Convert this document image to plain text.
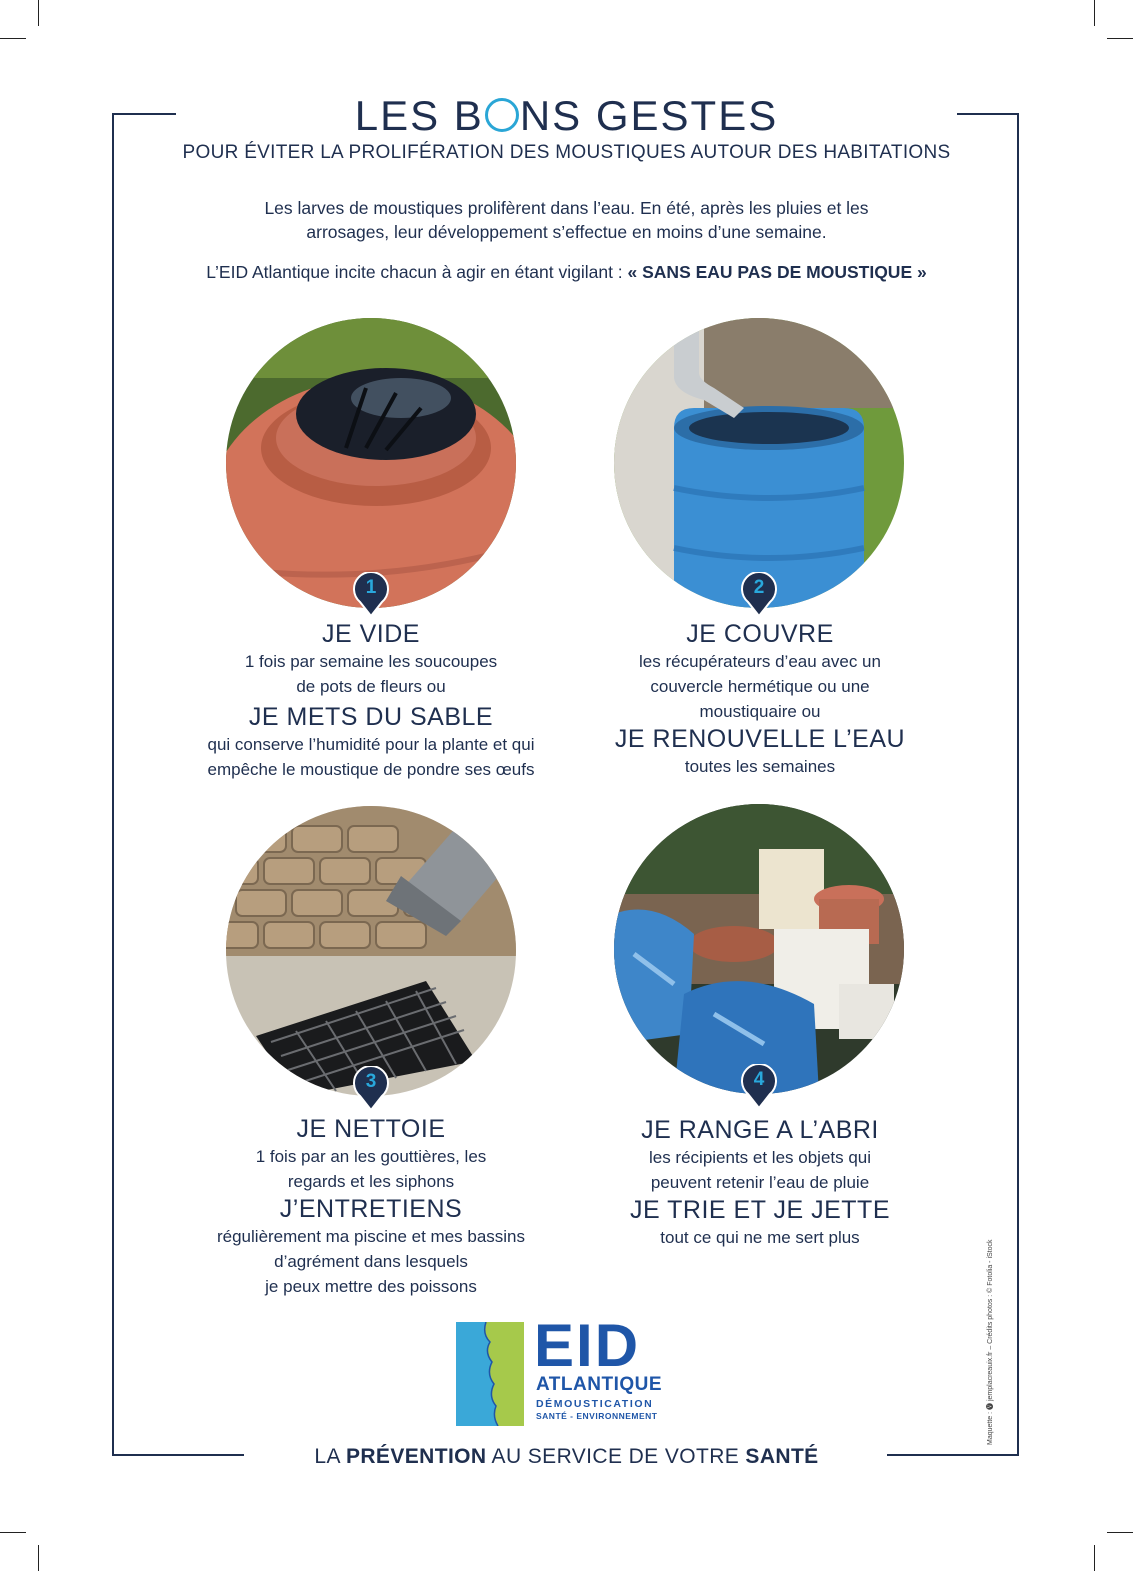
LES B NS GESTES
POUR ÉVITER LA PROLIFÉRATION DES MOUSTIQUES AUTOUR DES HABITATIONS
Les larves de moustiques prolifèrent dans l’eau. En été, après les pluies et les
arrosages, leur développement s’effectue en moins d’une semaine.
L’EID Atlantique incite chacun à agir en étant vigilant : « SANS EAU PAS DE MOUSTIQUE »
1	2
3	4
JE VIDE
1 fois par semaine les soucoupes
de pots de fleurs ou
JE METS DU SABLE
qui conserve l’humidité pour la plante et qui
empêche le moustique de pondre ses œufs
JE COUVRE
les récupérateurs d’eau avec un
couvercle hermétique ou une
moustiquaire ou
JE RENOUVELLE L’EAU
toutes les semaines
JE NETTOIE
1 fois par an les gouttières, les
regards et les siphons
J’ENTRETIENS
régulièrement ma piscine et mes bassins
d’agrément dans lesquels
je peux mettre des poissons
JE RANGE A L’ABRI
les récipients et les objets qui
peuvent retenir l’eau de pluie
JE TRIE ET JE JETTE
tout ce qui ne me sert plus
EID
ATLANTIQUE
DÉMOUSTICATION
SANTÉ - ENVIRONNEMENT
LA PRÉVENTION AU SERVICE DE VOTRE SANTÉ
Maquette : 🅥 jemplacreauix.fr – Crédits photos : © Fotolia - iStock
